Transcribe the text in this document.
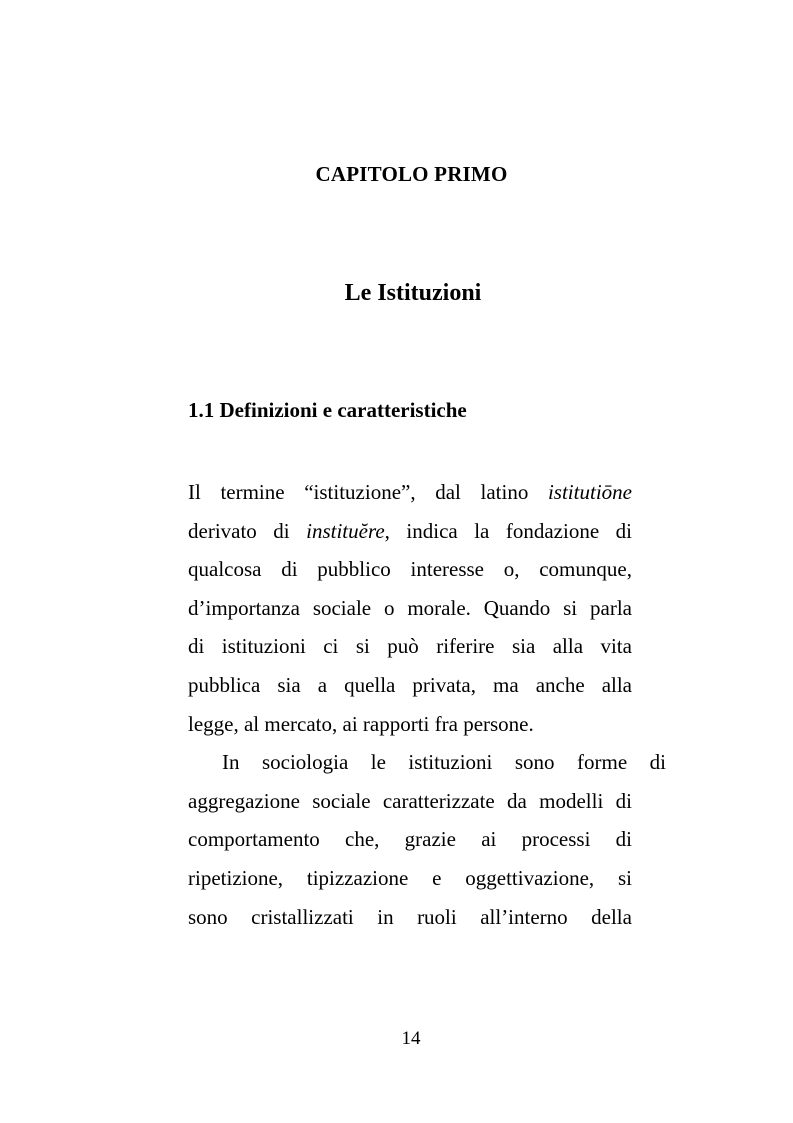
CAPITOLO PRIMO
Le Istituzioni
1.1 Definizioni e caratteristiche
Il termine “istituzione”, dal latino istitutiōne
derivato di instituĕre, indica la fondazione di
qualcosa di pubblico interesse o, comunque,
d’importanza sociale o morale. Quando si parla
di istituzioni ci si può riferire sia alla vita
pubblica sia a quella privata, ma anche alla
legge, al mercato, ai rapporti fra persone.
In sociologia le istituzioni sono forme di
aggregazione sociale caratterizzate da modelli di
comportamento che, grazie ai processi di
ripetizione, tipizzazione e oggettivazione, si
sono cristallizzati in ruoli all’interno della
14
